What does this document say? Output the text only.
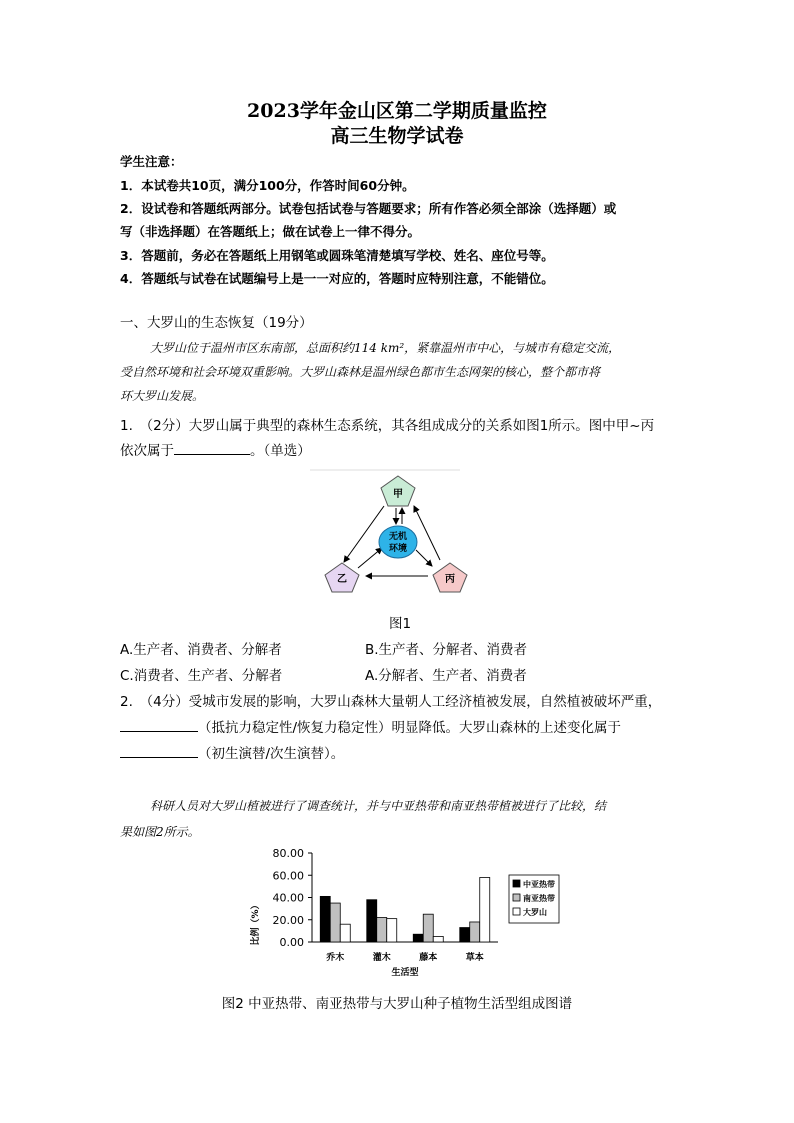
2023学年金山区第二学期质量监控
高三生物学试卷
学生注意：
1．本试卷共10页，满分100分，作答时间60分钟。
2．设试卷和答题纸两部分。试卷包括试卷与答题要求；所有作答必须全部涂（选择题）或
写（非选择题）在答题纸上；做在试卷上一律不得分。
3．答题前，务必在答题纸上用钢笔或圆珠笔清楚填写学校、姓名、座位号等。
4．答题纸与试卷在试题编号上是一一对应的，答题时应特别注意，不能错位。
一、大罗山的生态恢复（19分）
大罗山位于温州市区东南部，总面积约114 km²，紧靠温州市中心，与城市有稳定交流，
受自然环境和社会环境双重影响。大罗山森林是温州绿色都市生态网架的核心，整个都市将
环大罗山发展。
1.　（2分）大罗山属于典型的森林生态系统，其各组成成分的关系如图1所示。图中甲~丙
依次属于	。（单选）
甲
乙	丙
无机
环境
图1
A.生产者、消费者、分解者	B.生产者、分解者、消费者
C.消费者、生产者、分解者	A.分解者、生产者、消费者
2.　（4分）受城市发展的影响，大罗山森林大量朝人工经济植被发展，自然植被破坏严重，
（抵抗力稳定性/恢复力稳定性）明显降低。大罗山森林的上述变化属于
（初生演替/次生演替）。
科研人员对大罗山植被进行了调查统计，并与中亚热带和南亚热带植被进行了比较，结
果如图2所示。
0.00
20.00
40.00
60.00
80.00
乔木	灌木	藤本	草本
中亚热带
南亚热带
大罗山
生活型
比例（%）
图2 中亚热带、南亚热带与大罗山种子植物生活型组成图谱
